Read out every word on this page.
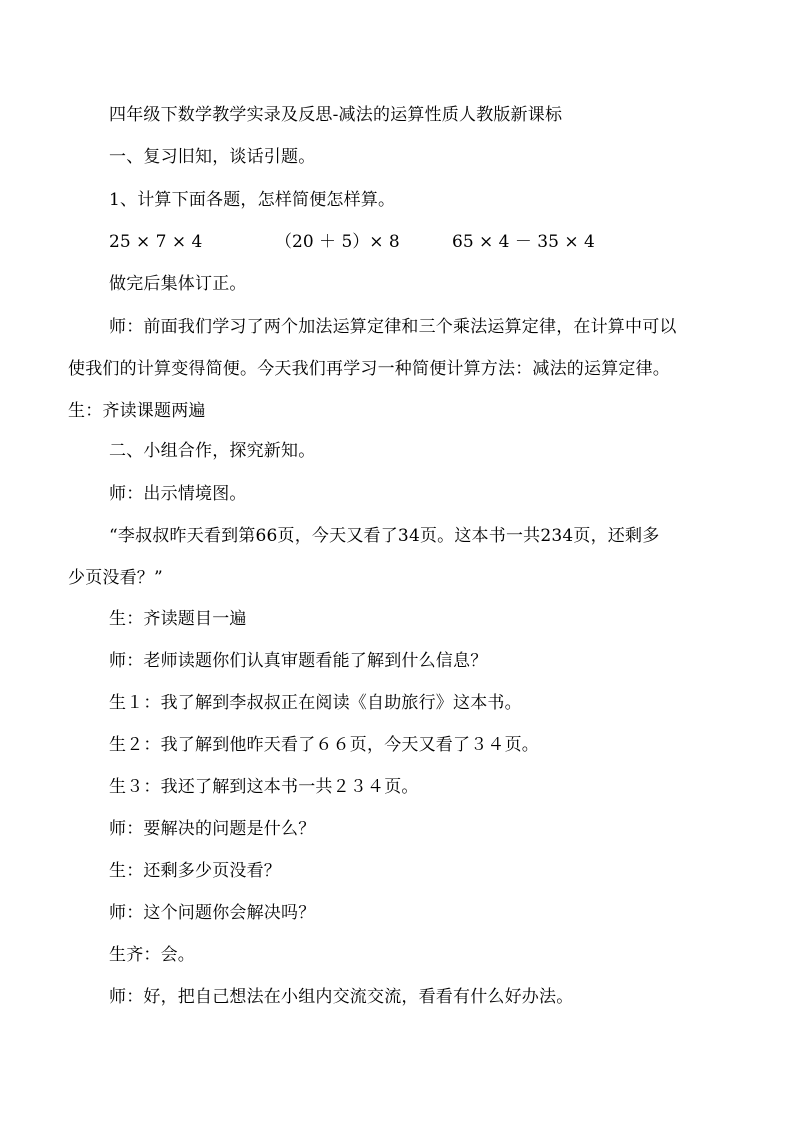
四年级下数学教学实录及反思-减法的运算性质人教版新课标
一、复习旧知，谈话引题。
1、计算下面各题，怎样简便怎样算。
25 × 7 × 4	（20 ＋ 5）× 8	65 × 4 － 35 × 4
做完后集体订正。
师：前面我们学习了两个加法运算定律和三个乘法运算定律，在计算中可以
使我们的计算变得简便。今天我们再学习一种简便计算方法：减法的运算定律。
生：齐读课题两遍
二、小组合作，探究新知。
师：出示情境图。
“李叔叔昨天看到第66页，今天又看了34页。这本书一共234页，还剩多
少页没看？”
生：齐读题目一遍
师：老师读题你们认真审题看能了解到什么信息？
生１：我了解到李叔叔正在阅读《自助旅行》这本书。
生２：我了解到他昨天看了６６页，今天又看了３４页。
生３：我还了解到这本书一共２３４页。
师：要解决的问题是什么？
生：还剩多少页没看？
师：这个问题你会解决吗？
生齐：会。
师：好，把自己想法在小组内交流交流，看看有什么好办法。
